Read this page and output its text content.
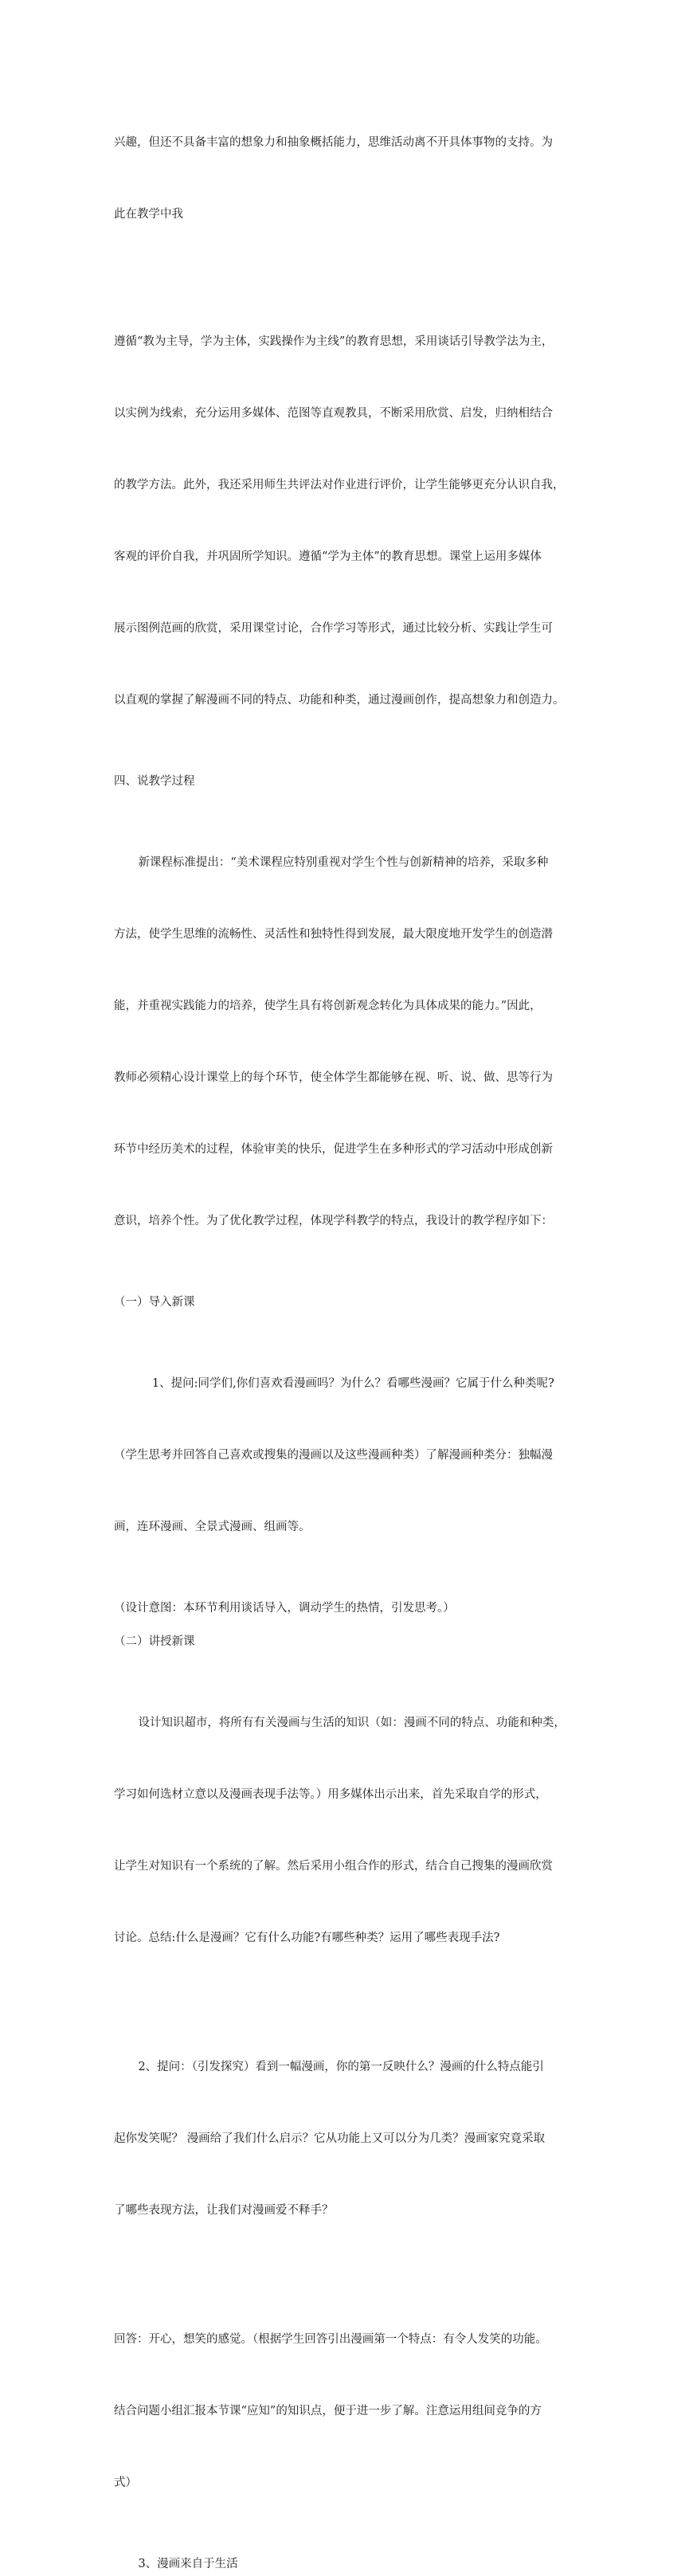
兴趣，但还不具备丰富的想象力和抽象概括能力，思维活动离不开具体事物的支持。为

此在教学中我

遵循“教为主导，学为主体，实践操作为主线”的教育思想，采用谈话引导教学法为主，

以实例为线索，充分运用多媒体、范图等直观教具，不断采用欣赏、启发，归纳相结合

的教学方法。此外，我还采用师生共评法对作业进行评价，让学生能够更充分认识自我，

客观的评价自我，并巩固所学知识。遵循“学为主体”的教育思想。课堂上运用多媒体

展示图例范画的欣赏，采用课堂讨论，合作学习等形式，通过比较分析、实践让学生可

以直观的掌握了解漫画不同的特点、功能和种类，通过漫画创作，提高想象力和创造力。

四、说教学过程

新课程标准提出：“美术课程应特别重视对学生个性与创新精神的培养，采取多种

方法，使学生思维的流畅性、灵活性和独特性得到发展，最大限度地开发学生的创造潜

能，并重视实践能力的培养，使学生具有将创新观念转化为具体成果的能力。”因此，

教师必须精心设计课堂上的每个环节，使全体学生都能够在视、听、说、做、思等行为

环节中经历美术的过程，体验审美的快乐，促进学生在多种形式的学习活动中形成创新

意识，培养个性。为了优化教学过程，体现学科教学的特点，我设计的教学程序如下：

（一）导入新课

1、提问:同学们,你们喜欢看漫画吗？为什么？看哪些漫画？它属于什么种类呢?

（学生思考并回答自己喜欢或搜集的漫画以及这些漫画种类）了解漫画种类分：独幅漫

画，连环漫画、全景式漫画、组画等。

（设计意图：本环节利用谈话导入，调动学生的热情，引发思考。）

（二）讲授新课

设计知识超市，将所有有关漫画与生活的知识（如：漫画不同的特点、功能和种类，

学习如何选材立意以及漫画表现手法等。）用多媒体出示出来，首先采取自学的形式，

让学生对知识有一个系统的了解。然后采用小组合作的形式，结合自己搜集的漫画欣赏

讨论。总结:什么是漫画？它有什么功能?有哪些种类？运用了哪些表现手法?

2、提问：（引发探究）看到一幅漫画，你的第一反映什么？漫画的什么特点能引

起你发笑呢？ 漫画给了我们什么启示？它从功能上又可以分为几类？漫画家究竟采取

了哪些表现方法，让我们对漫画爱不释手？

回答：开心，想笑的感觉。（根据学生回答引出漫画第一个特点：有令人发笑的功能。

结合问题小组汇报本节课“应知”的知识点，便于进一步了解。注意运用组间竞争的方

式）

3、漫画来自于生活
